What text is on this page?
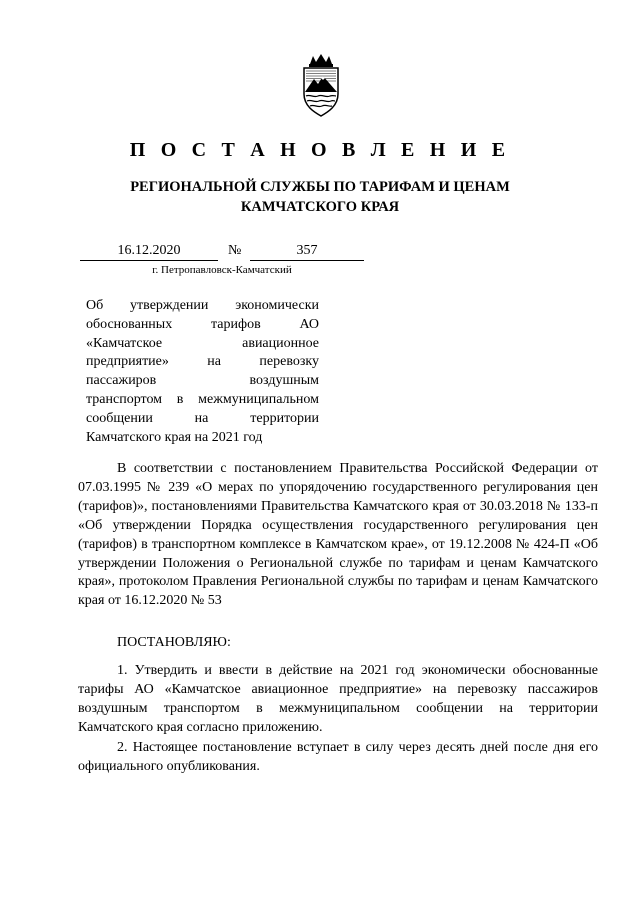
П О С Т А Н О В Л Е Н И Е
РЕГИОНАЛЬНОЙ СЛУЖБЫ ПО ТАРИФАМ И ЦЕНАМ
КАМЧАТСКОГО КРАЯ
16.12.2020	№	357
г. Петропавловск-Камчатский
Об утверждении экономически
обоснованных тарифов АО
«Камчатское авиационное
предприятие» на перевозку
пассажиров воздушным
транспортом в межмуниципальном
сообщении на территории
Камчатского края на 2021 год

В соответствии с постановлением Правительства Российской Федерации от 07.03.1995 № 239 «О мерах по упорядочению государственного регулирования цен (тарифов)», постановлениями Правительства Камчатского края от 30.03.2018 № 133-п «Об утверждении Порядка осуществления государственного регулирования цен (тарифов) в транспортном комплексе в Камчатском крае», от 19.12.2008 № 424-П «Об утверждении Положения о Региональной службе по тарифам и ценам Камчатского края», протоколом Правления Региональной службы по тарифам и ценам Камчатского края от 16.12.2020 № 53

ПОСТАНОВЛЯЮ:

1. Утвердить и ввести в действие на 2021 год экономически обоснованные тарифы АО «Камчатское авиационное предприятие» на перевозку пассажиров воздушным транспортом в межмуниципальном сообщении на территории Камчатского края согласно приложению.

2. Настоящее постановление вступает в силу через десять дней после дня его официального опубликования.
